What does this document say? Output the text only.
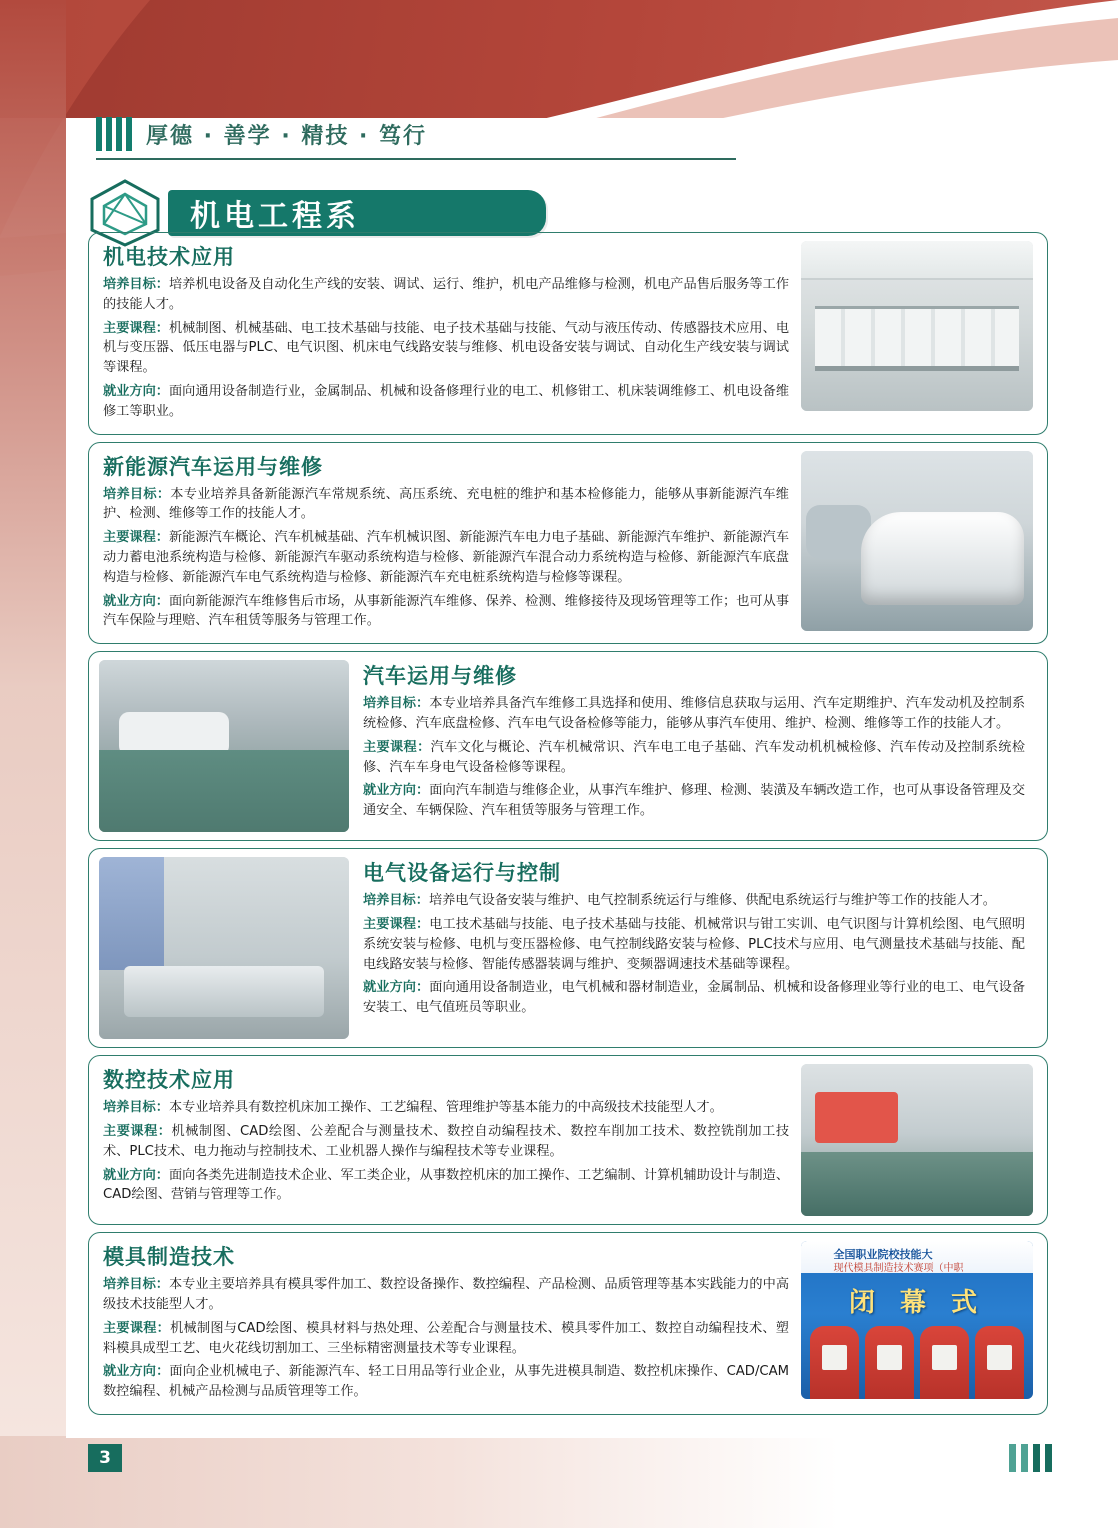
厚德 · 善学 · 精技 · 笃行
机电工程系
机电技术应用

培养目标：培养机电设备及自动化生产线的安装、调试、运行、维护，机电产品维修与检测，机电产品售后服务等工作的技能人才。

主要课程：机械制图、机械基础、电工技术基础与技能、电子技术基础与技能、气动与液压传动、传感器技术应用、电机与变压器、低压电器与PLC、电气识图、机床电气线路安装与维修、机电设备安装与调试、自动化生产线安装与调试等课程。

就业方向：面向通用设备制造行业，金属制品、机械和设备修理行业的电工、机修钳工、机床装调维修工、机电设备维修工等职业。

新能源汽车运用与维修

培养目标：本专业培养具备新能源汽车常规系统、高压系统、充电桩的维护和基本检修能力，能够从事新能源汽车维护、检测、维修等工作的技能人才。

主要课程：新能源汽车概论、汽车机械基础、汽车机械识图、新能源汽车电力电子基础、新能源汽车维护、新能源汽车动力蓄电池系统构造与检修、新能源汽车驱动系统构造与检修、新能源汽车混合动力系统构造与检修、新能源汽车底盘构造与检修、新能源汽车电气系统构造与检修、新能源汽车充电桩系统构造与检修等课程。

就业方向：面向新能源汽车维修售后市场，从事新能源汽车维修、保养、检测、维修接待及现场管理等工作；也可从事汽车保险与理赔、汽车租赁等服务与管理工作。

汽车运用与维修

培养目标：本专业培养具备汽车维修工具选择和使用、维修信息获取与运用、汽车定期维护、汽车发动机及控制系统检修、汽车底盘检修、汽车电气设备检修等能力，能够从事汽车使用、维护、检测、维修等工作的技能人才。

主要课程：汽车文化与概论、汽车机械常识、汽车电工电子基础、汽车发动机机械检修、汽车传动及控制系统检修、汽车车身电气设备检修等课程。

就业方向：面向汽车制造与维修企业，从事汽车维护、修理、检测、装潢及车辆改造工作，也可从事设备管理及交通安全、车辆保险、汽车租赁等服务与管理工作。

电气设备运行与控制

培养目标：培养电气设备安装与维护、电气控制系统运行与维修、供配电系统运行与维护等工作的技能人才。

主要课程：电工技术基础与技能、电子技术基础与技能、机械常识与钳工实训、电气识图与计算机绘图、电气照明系统安装与检修、电机与变压器检修、电气控制线路安装与检修、PLC技术与应用、电气测量技术基础与技能、配电线路安装与检修、智能传感器装调与维护、变频器调速技术基础等课程。

就业方向：面向通用设备制造业，电气机械和器材制造业，金属制品、机械和设备修理业等行业的电工、电气设备安装工、电气值班员等职业。

数控技术应用

培养目标：本专业培养具有数控机床加工操作、工艺编程、管理维护等基本能力的中高级技术技能型人才。

主要课程：机械制图、CAD绘图、公差配合与测量技术、数控自动编程技术、数控车削加工技术、数控铣削加工技术、PLC技术、电力拖动与控制技术、工业机器人操作与编程技术等专业课程。

就业方向：面向各类先进制造技术企业、军工类企业，从事数控机床的加工操作、工艺编制、计算机辅助设计与制造、CAD绘图、营销与管理等工作。

模具制造技术

培养目标：本专业主要培养具有模具零件加工、数控设备操作、数控编程、产品检测、品质管理等基本实践能力的中高级技术技能型人才。

主要课程：机械制图与CAD绘图、模具材料与热处理、公差配合与测量技术、模具零件加工、数控自动编程技术、塑料模具成型工艺、电火花线切割加工、三坐标精密测量技术等专业课程。

就业方向：面向企业机械电子、新能源汽车、轻工日用品等行业企业，从事先进模具制造、数控机床操作、CAD/CAM数控编程、机械产品检测与品质管理等工作。

全国职业院校技能大
现代模具制造技术赛项（中职
闭 幕 式
3
